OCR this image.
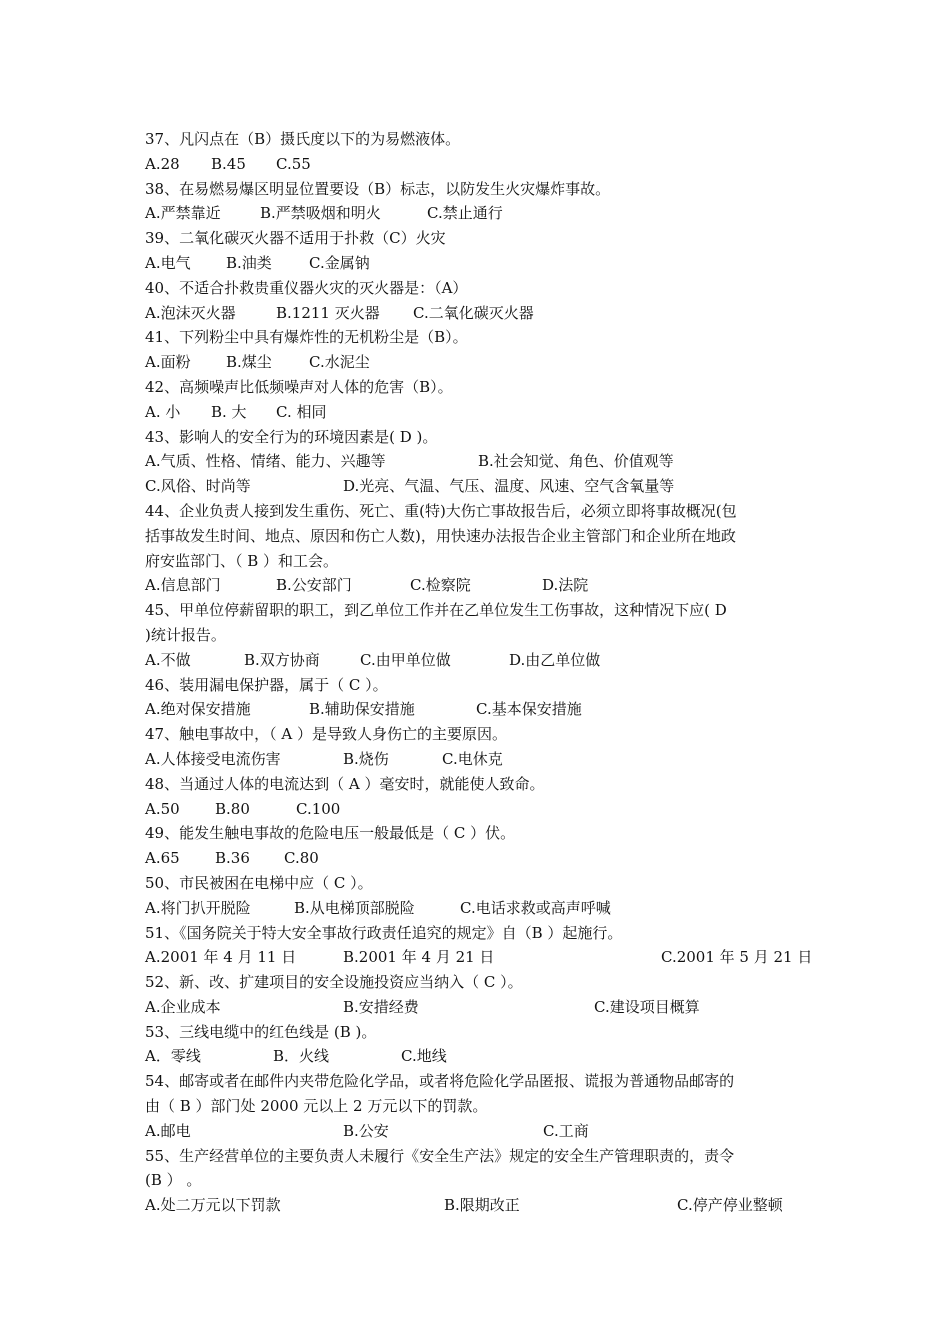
37、凡闪点在（B）摄氏度以下的为易燃液体。
A.28 B.45 C.55
38、在易燃易爆区明显位置要设（B）标志，以防发生火灾爆炸事故。
A.严禁靠近	B.严禁吸烟和明火	C.禁止通行
39、二氧化碳灭火器不适用于扑救（C）火灾
A.电气 B.油类 C.金属钠
40、不适合扑救贵重仪器火灾的灭火器是：（A）
A.泡沫灭火器	B.1211 灭火器 C.二氧化碳灭火器
41、下列粉尘中具有爆炸性的无机粉尘是（B）。
A.面粉 B.煤尘 C.水泥尘
42、高频噪声比低频噪声对人体的危害（B）。
A. 小 B. 大 C. 相同
43、影响人的安全行为的环境因素是( D )。
A.气质、性格、情绪、能力、兴趣等	B.社会知觉、角色、价值观等
C.风俗、时尚等	D.光亮、气温、气压、温度、风速、空气含氧量等
44、企业负责人接到发生重伤、死亡、重(特)大伤亡事故报告后，必须立即将事故概况(包
括事故发生时间、地点、原因和伤亡人数)，用快速办法报告企业主管部门和企业所在地政
府安监部门、（ B ）和工会。
A.信息部门	B.公安部门	C.检察院	D.法院
45、甲单位停薪留职的职工，到乙单位工作并在乙单位发生工伤事故，这种情况下应( D
)统计报告。
A.不做	B.双方协商	C.由甲单位做	D.由乙单位做
46、装用漏电保护器，属于（ C ）。
A.绝对保安措施	B.辅助保安措施	C.基本保安措施
47、触电事故中，（ A ）是导致人身伤亡的主要原因。
A.人体接受电流伤害	B.烧伤	C.电休克
48、当通过人体的电流达到（ A ）毫安时，就能使人致命。
A.50 B.80	C.100
49、能发生触电事故的危险电压一般最低是（ C ）伏。
A.65 B.36 C.80
50、市民被困在电梯中应（ C ）。
A.将门扒开脱险	B.从电梯顶部脱险	C.电话求救或高声呼喊
51、《国务院关于特大安全事故行政责任追究的规定》自（B ）起施行。
A.2001 年 4 月 11 日	B.2001 年 4 月 21 日	C.2001 年 5 月 21 日
52、新、改、扩建项目的安全设施投资应当纳入（ C ）。
A.企业成本	B.安措经费	C.建设项目概算
53、三线电缆中的红色线是 (B )。
A．零线	B．火线	C.地线
54、邮寄或者在邮件内夹带危险化学品，或者将危险化学品匿报、谎报为普通物品邮寄的
由（ B ）部门处 2000 元以上 2 万元以下的罚款。
A.邮电	B.公安	C.工商
55、生产经营单位的主要负责人未履行《安全生产法》规定的安全生产管理职责的，责令
(B ） 。
A.处二万元以下罚款	B.限期改正	C.停产停业整顿
